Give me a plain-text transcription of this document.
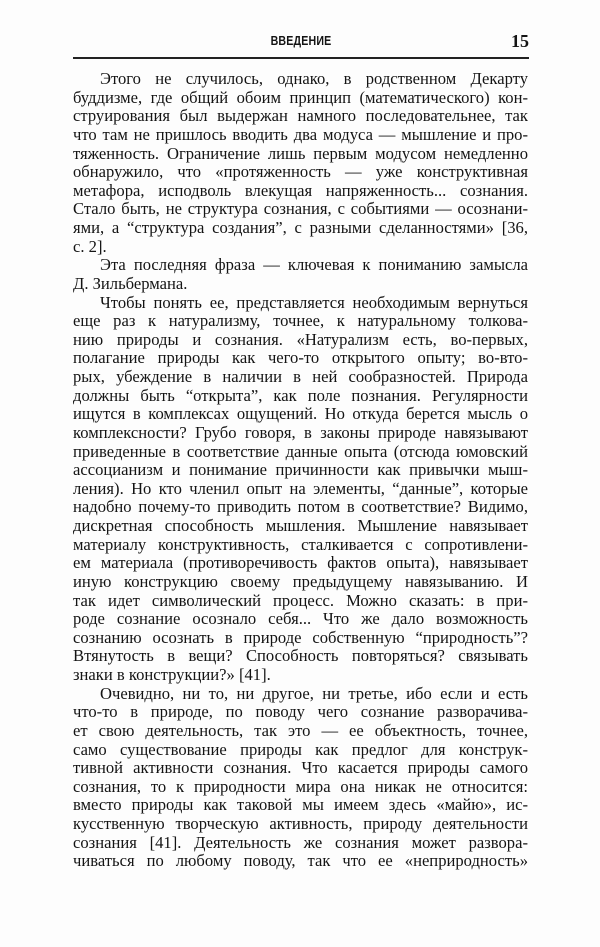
ВВЕДЕНИЕ	15
Этого не случилось, однако, в родственном Декарту
буддизме, где общий обоим принцип (математического) кон-
струирования был выдержан намного последовательнее, так
что там не пришлось вводить два модуса — мышление и про-
тяженность. Ограничение лишь первым модусом немедленно
обнаружило, что «протяженность — уже конструктивная
метафора, исподволь влекущая напряженность... сознания.
Стало быть, не структура сознания, с событиями — осознани-
ями, а “структура создания”, с разными сделанностями» [36,
с. 2].
Эта последняя фраза — ключевая к пониманию замысла
Д. Зильбермана.
Чтобы понять ее, представляется необходимым вернуться
еще раз к натурализму, точнее, к натуральному толкова-
нию природы и сознания. «Натурализм есть, во-первых,
полагание природы как чего-то открытого опыту; во-вто-
рых, убеждение в наличии в ней сообразностей. Природа
должны быть “открыта”, как поле познания. Регулярности
ищутся в комплексах ощущений. Но откуда берется мысль о
комплексности? Грубо говоря, в законы природе навязывают
приведенные в соответствие данные опыта (отсюда юмовский
ассоцианизм и понимание причинности как привычки мыш-
ления). Но кто членил опыт на элементы, “данные”, которые
надобно почему-то приводить потом в соответствие? Видимо,
дискретная способность мышления. Мышление навязывает
материалу конструктивность, сталкивается с сопротивлени-
ем материала (противоречивость фактов опыта), навязывает
иную конструкцию своему предыдущему навязыванию. И
так идет символический процесс. Можно сказать: в при-
роде сознание осознало себя... Что же дало возможность
сознанию осознать в природе собственную “природность”?
Втянутость в вещи? Способность повторяться? связывать
знаки в конструкции?» [41].
Очевидно, ни то, ни другое, ни третье, ибо если и есть
что-то в природе, по поводу чего сознание разворачива-
ет свою деятельность, так это — ее объектность, точнее,
само существование природы как предлог для конструк-
тивной активности сознания. Что касается природы самого
сознания, то к природности мира она никак не относится:
вместо природы как таковой мы имеем здесь «майю», ис-
кусственную творческую активность, природу деятельности
сознания [41]. Деятельность же сознания может развора-
чиваться по любому поводу, так что ее «неприродность»
